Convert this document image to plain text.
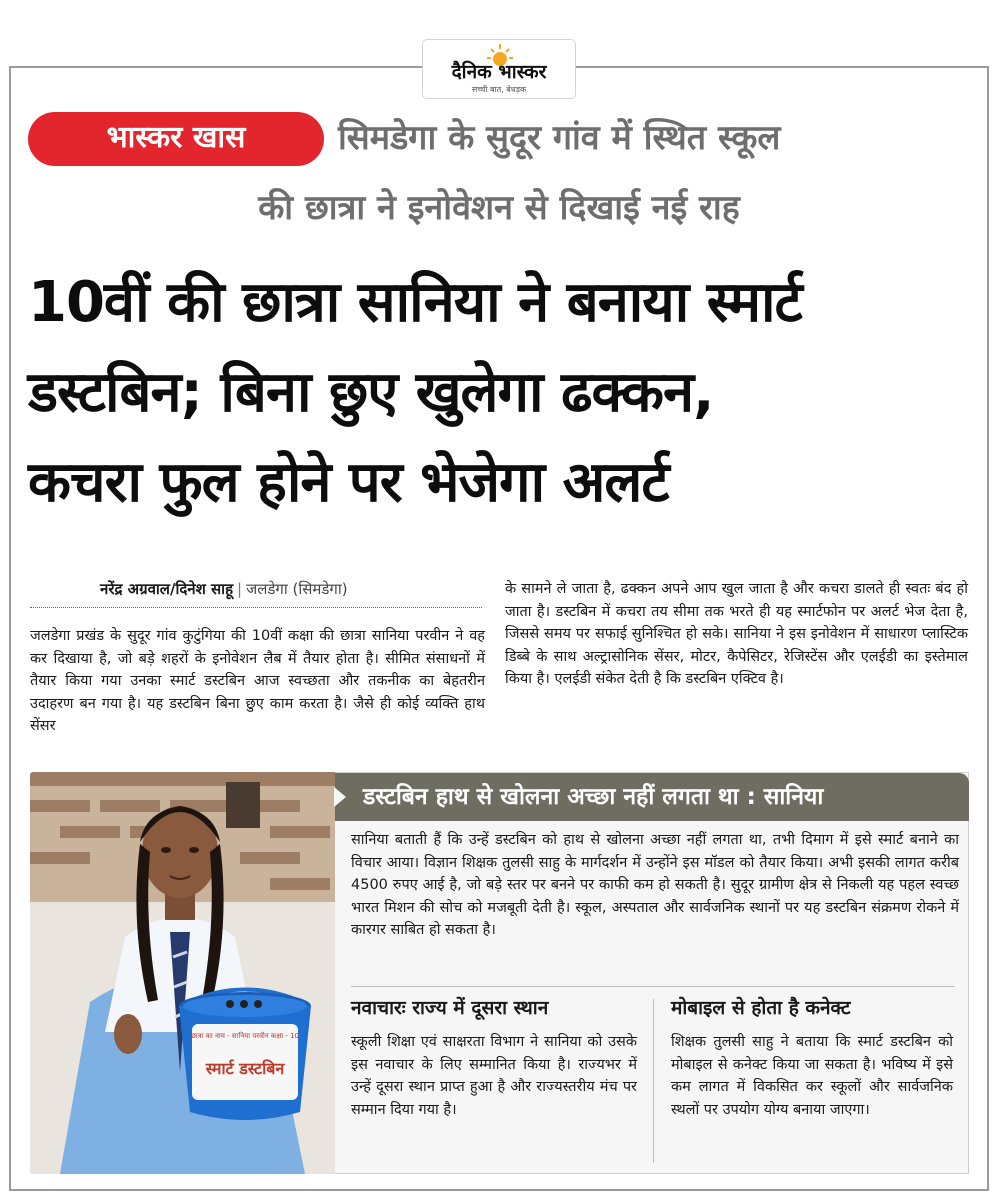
दैनिक भास्कर
सच्ची बात, बेधड़क
भास्कर खास	सिमडेगा के सुदूर गांव में स्थित स्कूल
की छात्रा ने इनोवेशन से दिखाई नई राह
10वीं की छात्रा सानिया ने बनाया स्मार्ट
डस्टबिन; बिना छुए खुलेगा ढक्कन,
कचरा फुल होने पर भेजेगा अलर्ट
नरेंद्र अग्रवाल/दिनेश साहू | जलडेगा (सिमडेगा)
जलडेगा प्रखंड के सुदूर गांव कुटुंगिया की 10वीं कक्षा की छात्रा सानिया परवीन ने वह कर दिखाया है, जो बड़े शहरों के इनोवेशन लैब में तैयार होता है। सीमित संसाधनों में तैयार किया गया उनका स्मार्ट डस्टबिन आज स्वच्छता और तकनीक का बेहतरीन उदाहरण बन गया है। यह डस्टबिन बिना छुए काम करता है। जैसे ही कोई व्यक्ति हाथ सेंसर
के सामने ले जाता है, ढक्कन अपने आप खुल जाता है और कचरा डालते ही स्वतः बंद हो जाता है। डस्टबिन में कचरा तय सीमा तक भरते ही यह स्मार्टफोन पर अलर्ट भेज देता है, जिससे समय पर सफाई सुनिश्चित हो सके। सानिया ने इस इनोवेशन में साधारण प्लास्टिक डिब्बे के साथ अल्ट्रासोनिक सेंसर, मोटर, कैपेसिटर, रेजिस्टेंस और एलईडी का इस्तेमाल किया है। एलईडी संकेत देती है कि डस्टबिन एक्टिव है।
छात्रा का नाम - सानिया परवीन कक्षा - 10
स्मार्ट डस्टबिन
डस्टबिन हाथ से खोलना अच्छा नहीं लगता था : सानिया
सानिया बताती हैं कि उन्हें डस्टबिन को हाथ से खोलना अच्छा नहीं लगता था, तभी दिमाग में इसे स्मार्ट बनाने का विचार आया। विज्ञान शिक्षक तुलसी साहु के मार्गदर्शन में उन्होंने इस मॉडल को तैयार किया। अभी इसकी लागत करीब 4500 रुपए आई है, जो बड़े स्तर पर बनने पर काफी कम हो सकती है। सुदूर ग्रामीण क्षेत्र से निकली यह पहल स्वच्छ भारत मिशन की सोच को मजबूती देती है। स्कूल, अस्पताल और सार्वजनिक स्थानों पर यह डस्टबिन संक्रमण रोकने में कारगर साबित हो सकता है।
नवाचारः राज्य में दूसरा स्थान	मोबाइल से होता है कनेक्ट
स्कूली शिक्षा एवं साक्षरता विभाग ने सानिया को उसके इस नवाचार के लिए सम्मानित किया है। राज्यभर में उन्हें दूसरा स्थान प्राप्त हुआ है और राज्यस्तरीय मंच पर सम्मान दिया गया है।
शिक्षक तुलसी साहु ने बताया कि स्मार्ट डस्टबिन को मोबाइल से कनेक्ट किया जा सकता है। भविष्य में इसे कम लागत में विकसित कर स्कूलों और सार्वजनिक स्थलों पर उपयोग योग्य बनाया जाएगा।
